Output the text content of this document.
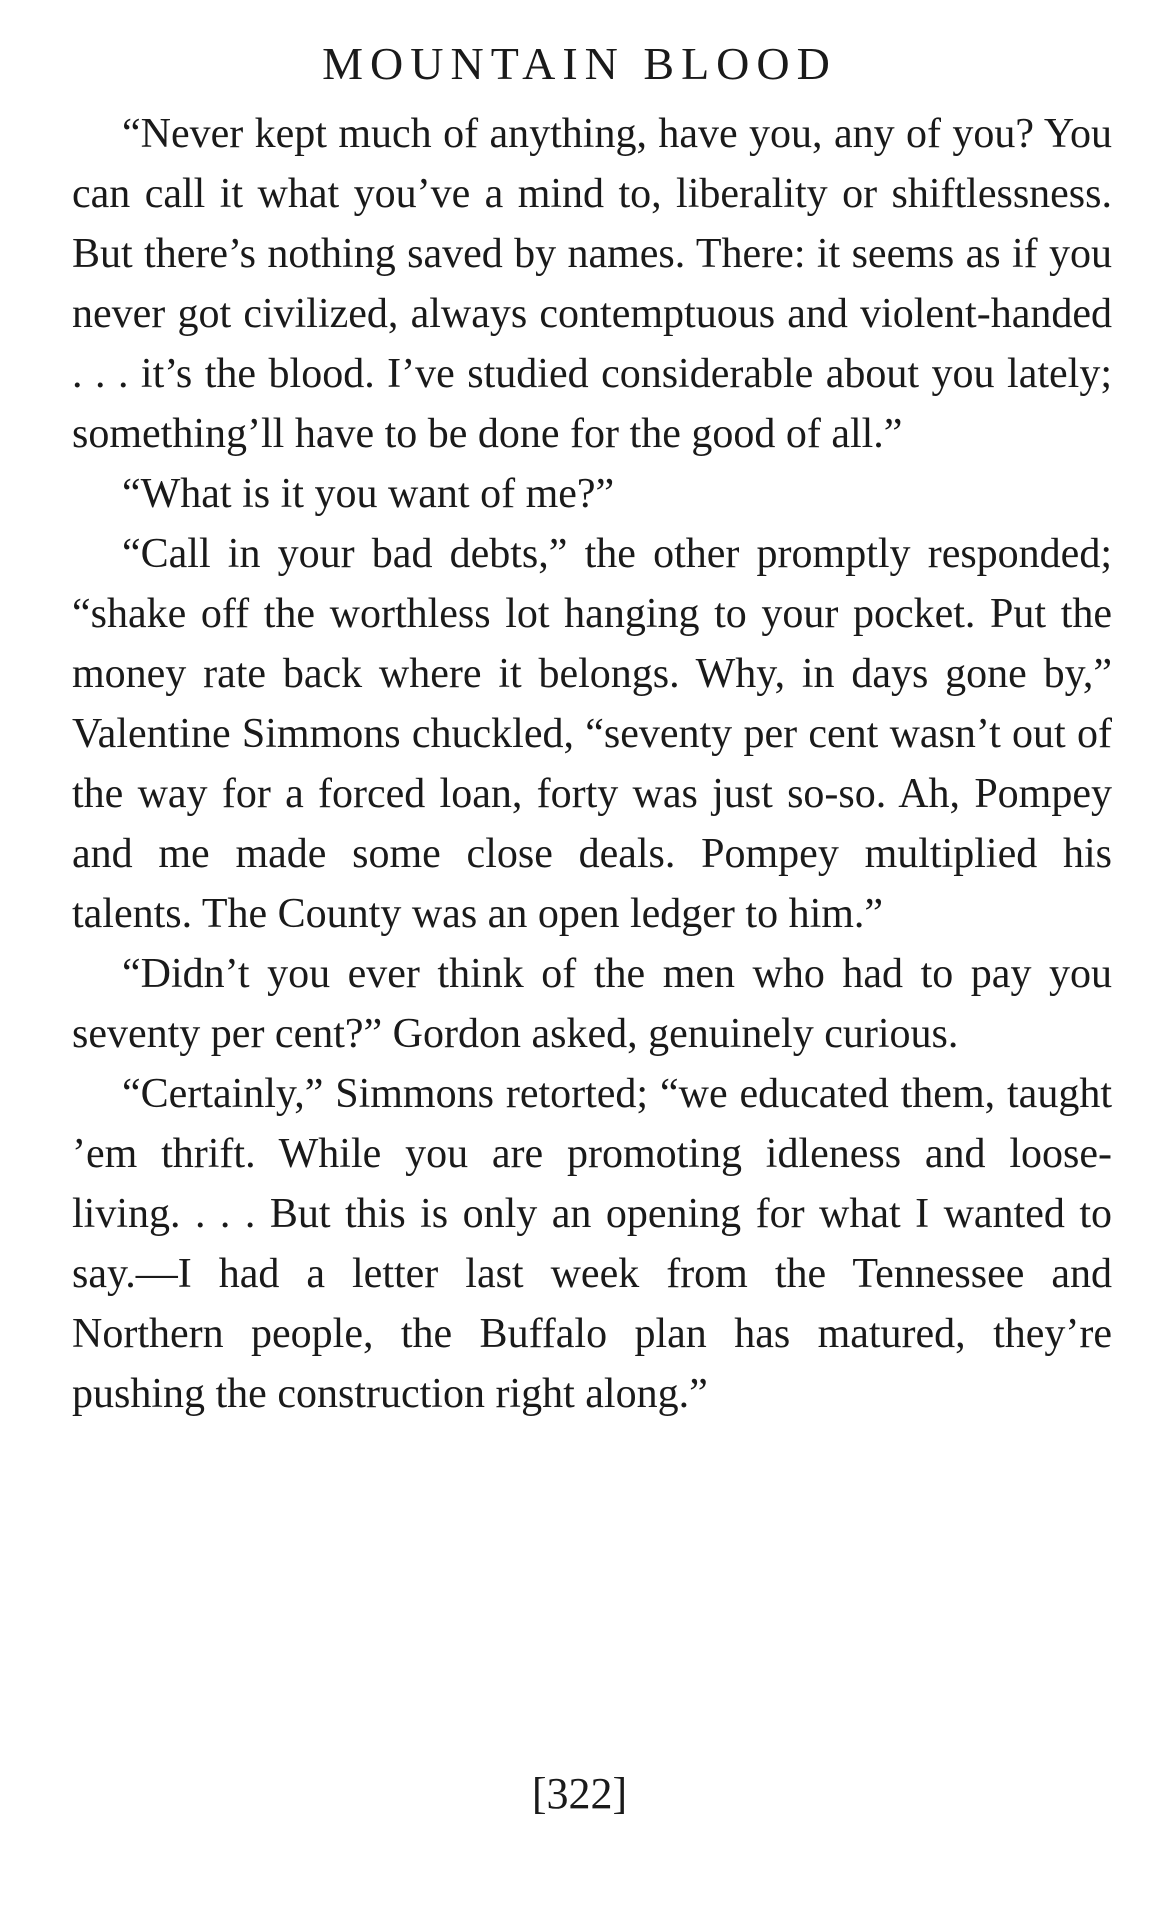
MOUNTAIN BLOOD

“Never kept much of anything, have you, any of you? You can call it what you’ve a mind to, liberality or shiftlessness. But there’s nothing saved by names. There: it seems as if you never got civilized, always contemptuous and violent-handed . . . it’s the blood. I’ve studied considerable about you lately; something’ll have to be done for the good of all.”

“What is it you want of me?”

“Call in your bad debts,” the other promptly responded; “shake off the worthless lot hanging to your pocket. Put the money rate back where it belongs. Why, in days gone by,” Valentine Simmons chuckled, “seventy per cent wasn’t out of the way for a forced loan, forty was just so-so. Ah, Pompey and me made some close deals. Pompey multiplied his talents. The County was an open ledger to him.”

“Didn’t you ever think of the men who had to pay you seventy per cent?” Gordon asked, genuinely curious.

“Certainly,” Simmons retorted; “we educated them, taught ’em thrift. While you are promoting idleness and loose-living. . . . But this is only an opening for what I wanted to say.—I had a letter last week from the Tennessee and Northern people, the Buffalo plan has matured, they’re pushing the construction right along.”

[322]
